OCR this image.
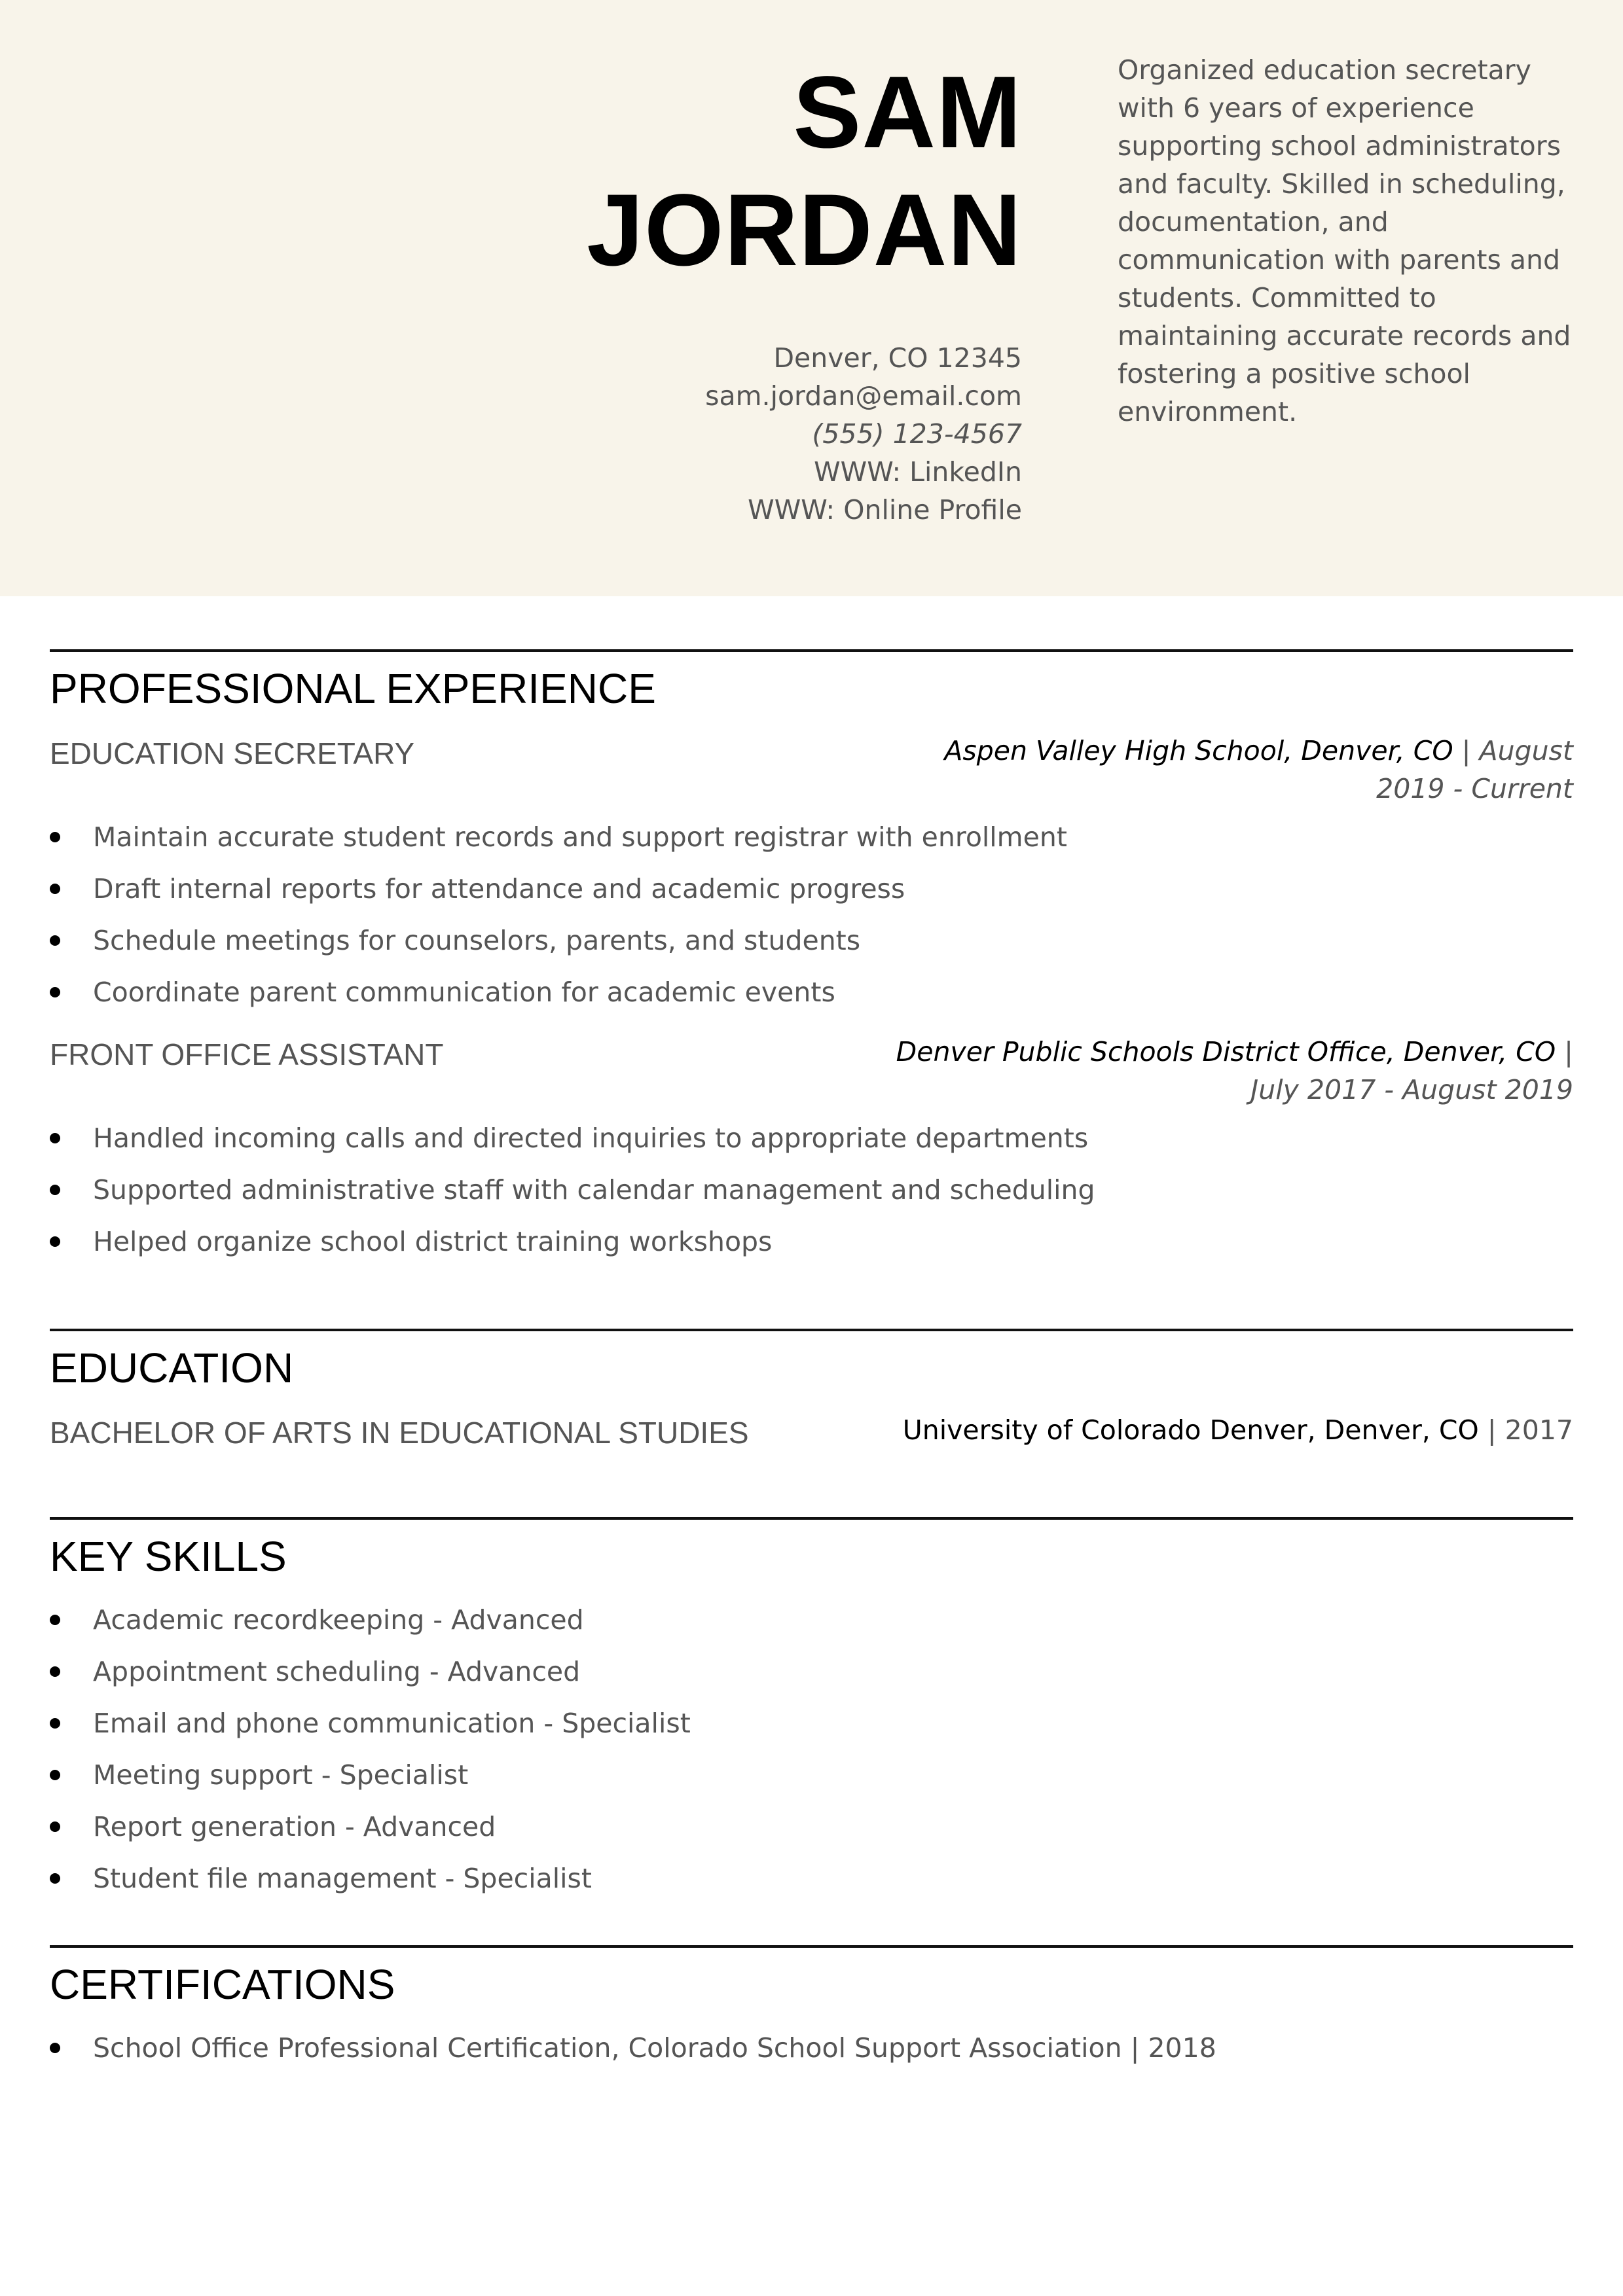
SAM
JORDAN
Denver, CO 12345
sam.jordan@email.com
(555) 123-4567
WWW: LinkedIn
WWW: Online Profile
Organized education secretary with 6 years of experience supporting school administrators and faculty. Skilled in scheduling, documentation, and communication with parents and students. Committed to maintaining accurate records and fostering a positive school environment.
PROFESSIONAL EXPERIENCE
EDUCATION SECRETARY	Aspen Valley High School, Denver, CO | August
2019 - Current
Maintain accurate student records and support registrar with enrollment
Draft internal reports for attendance and academic progress
Schedule meetings for counselors, parents, and students
Coordinate parent communication for academic events
FRONT OFFICE ASSISTANT	Denver Public Schools District Office, Denver, CO |
July 2017 - August 2019
Handled incoming calls and directed inquiries to appropriate departments
Supported administrative staff with calendar management and scheduling
Helped organize school district training workshops
EDUCATION
BACHELOR OF ARTS IN EDUCATIONAL STUDIES	University of Colorado Denver, Denver, CO | 2017
KEY SKILLS
Academic recordkeeping - Advanced
Appointment scheduling - Advanced
Email and phone communication - Specialist
Meeting support - Specialist
Report generation - Advanced
Student file management - Specialist
CERTIFICATIONS
School Office Professional Certification, Colorado School Support Association | 2018
